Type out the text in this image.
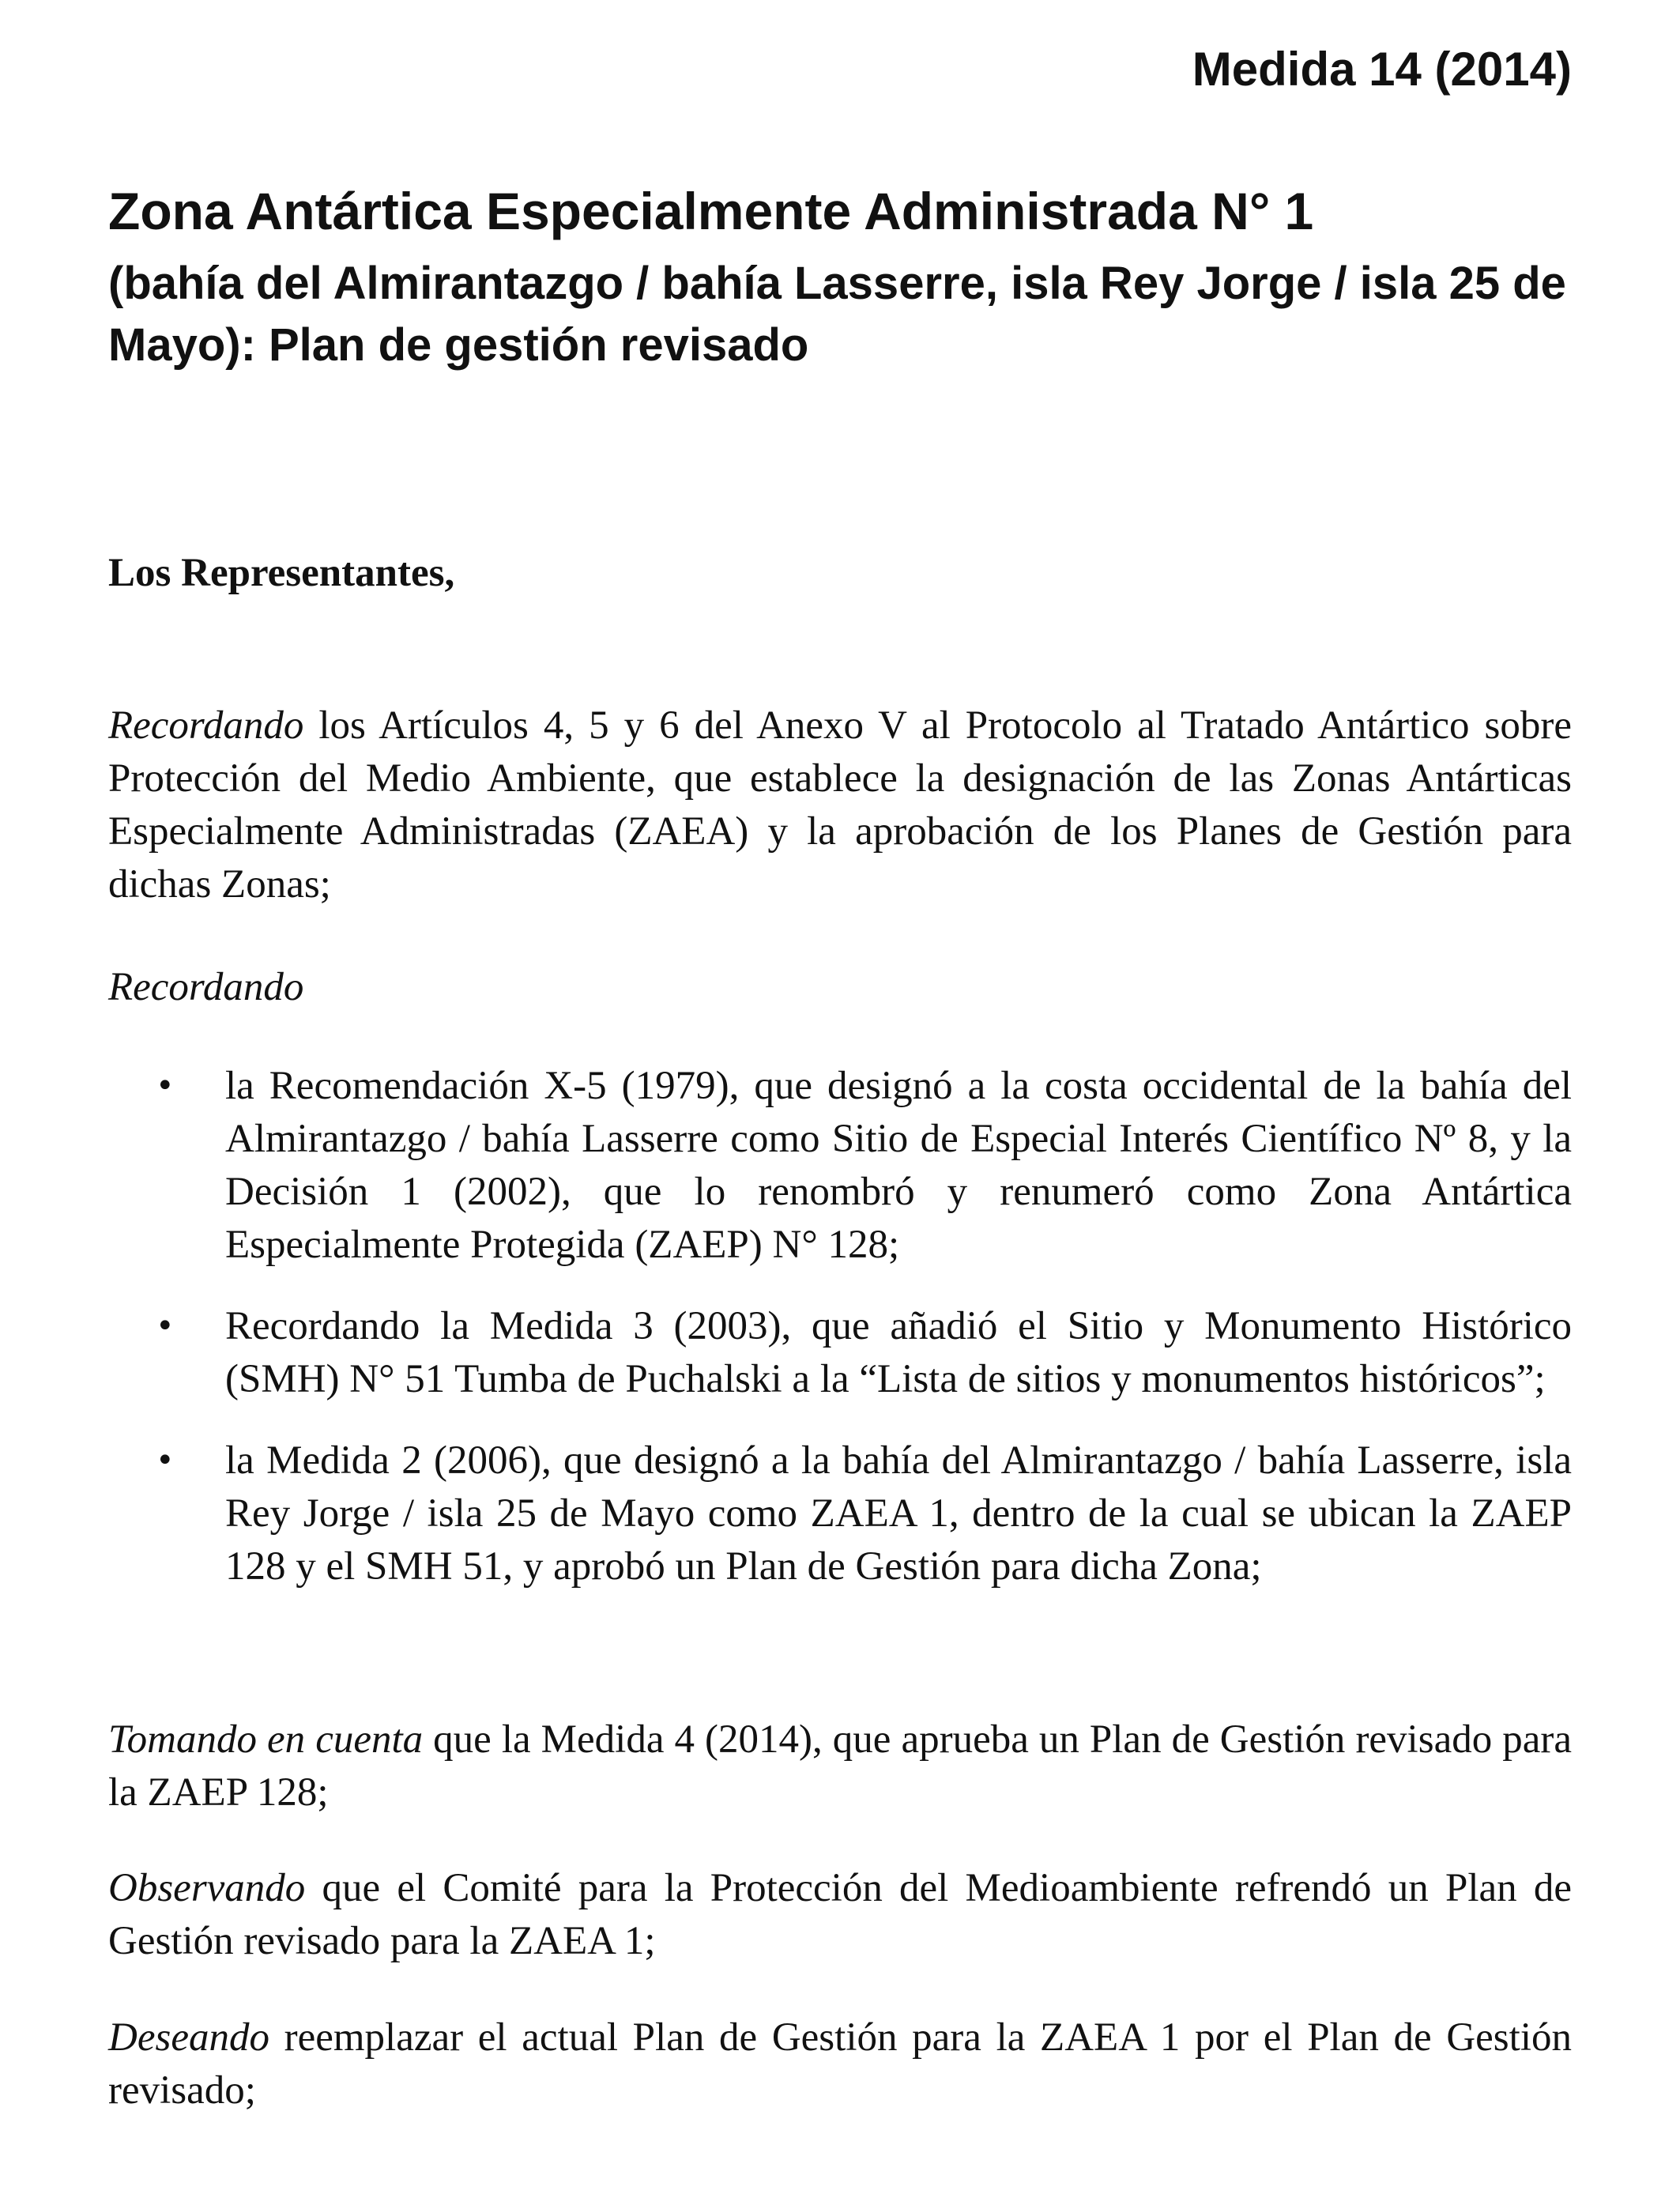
Medida 14 (2014)
Zona Antártica Especialmente Administrada N° 1
(bahía del Almirantazgo / bahía Lasserre, isla Rey Jorge / isla 25 de Mayo): Plan de gestión revisado

Los Representantes,

Recordando los Artículos 4, 5 y 6 del Anexo V al Protocolo al Tratado Antártico sobre Protección del Medio Ambiente, que establece la designación de las Zonas Antárticas Especialmente Administradas (ZAEA) y la aprobación de los Planes de Gestión para dichas Zonas;

Recordando

• la Recomendación X-5 (1979), que designó a la costa occidental de la bahía del Almirantazgo / bahía Lasserre como Sitio de Especial Interés Científico Nº 8, y la Decisión 1 (2002), que lo renombró y renumeró como Zona Antártica Especialmente Protegida (ZAEP) N° 128;
• Recordando la Medida 3 (2003), que añadió el Sitio y Monumento Histórico (SMH) N° 51 Tumba de Puchalski a la “Lista de sitios y monumentos históricos”;
• la Medida 2 (2006), que designó a la bahía del Almirantazgo / bahía Lasserre, isla Rey Jorge / isla 25 de Mayo como ZAEA 1, dentro de la cual se ubican la ZAEP 128 y el SMH 51, y aprobó un Plan de Gestión para dicha Zona;

Tomando en cuenta que la Medida 4 (2014), que aprueba un Plan de Gestión revisado para la ZAEP 128;

Observando que el Comité para la Protección del Medioambiente refrendó un Plan de Gestión revisado para la ZAEA 1;

Deseando reemplazar el actual Plan de Gestión para la ZAEA 1 por el Plan de Gestión revisado;
